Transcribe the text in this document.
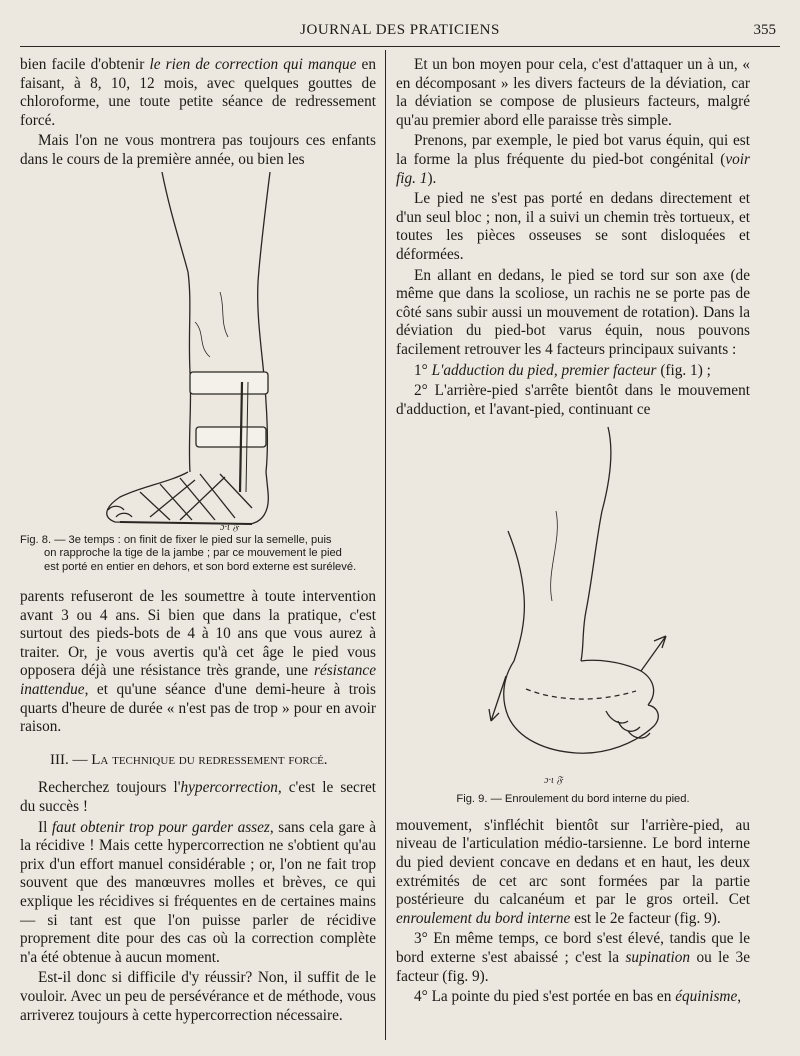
JOURNAL DES PRATICIENS	355

bien facile d'obtenir le rien de correction qui manque en faisant, à 8, 10, 12 mois, avec quelques gouttes de chloroforme, une toute petite séance de redressement forcé.

Mais l'on ne vous montrera pas toujours ces enfants dans le cours de la première année, ou bien les

ɔ·ɩ 𝔉
Fig. 8. — 3e temps : on finit de fixer le pied sur la semelle, puis
on rapproche la tige de la jambe ; par ce mouvement le pied
est porté en entier en dehors, et son bord externe est surélevé.

parents refuseront de les soumettre à toute intervention avant 3 ou 4 ans. Si bien que dans la pratique, c'est surtout des pieds-bots de 4 à 10 ans que vous aurez à traiter. Or, je vous avertis qu'à cet âge le pied vous opposera déjà une résistance très grande, une résistance inattendue, et qu'une séance d'une demi-heure à trois quarts d'heure de durée « n'est pas de trop » pour en avoir raison.

III. — La technique du redressement forcé.

Recherchez toujours l'hypercorrection, c'est le secret du succès !

Il faut obtenir trop pour garder assez, sans cela gare à la récidive ! Mais cette hypercorrection ne s'obtient qu'au prix d'un effort manuel considérable ; or, l'on ne fait trop souvent que des manœuvres molles et brèves, ce qui explique les récidives si fréquentes en de certaines mains — si tant est que l'on puisse parler de récidive proprement dite pour des cas où la correction complète n'a été obtenue à aucun moment.

Est-il donc si difficile d'y réussir? Non, il suffit de le vouloir. Avec un peu de persévérance et de méthode, vous arriverez toujours à cette hypercorrection nécessaire.

Et un bon moyen pour cela, c'est d'attaquer un à un, « en décomposant » les divers facteurs de la déviation, car la déviation se compose de plusieurs facteurs, malgré qu'au premier abord elle paraisse très simple.

Prenons, par exemple, le pied bot varus équin, qui est la forme la plus fréquente du pied-bot congénital (voir fig. 1).

Le pied ne s'est pas porté en dedans directement et d'un seul bloc ; non, il a suivi un chemin très tortueux, et toutes les pièces osseuses se sont disloquées et déformées.

En allant en dedans, le pied se tord sur son axe (de même que dans la scoliose, un rachis ne se porte pas de côté sans subir aussi un mouvement de rotation). Dans la déviation du pied-bot varus équin, nous pouvons facilement retrouver les 4 facteurs principaux suivants :

1° L'adduction du pied, premier facteur (fig. 1) ;

2° L'arrière-pied s'arrête bientôt dans le mouvement d'adduction, et l'avant-pied, continuant ce

ɔ·ɩ 𝔉
Fig. 9. — Enroulement du bord interne du pied.

mouvement, s'infléchit bientôt sur l'arrière-pied, au niveau de l'articulation médio-tarsienne. Le bord interne du pied devient concave en dedans et en haut, les deux extrémités de cet arc sont formées par la partie postérieure du calcanéum et par le gros orteil. Cet enroulement du bord interne est le 2e facteur (fig. 9).

3° En même temps, ce bord s'est élevé, tandis que le bord externe s'est abaissé ; c'est la supination ou le 3e facteur (fig. 9).

4° La pointe du pied s'est portée en bas en équinisme,
